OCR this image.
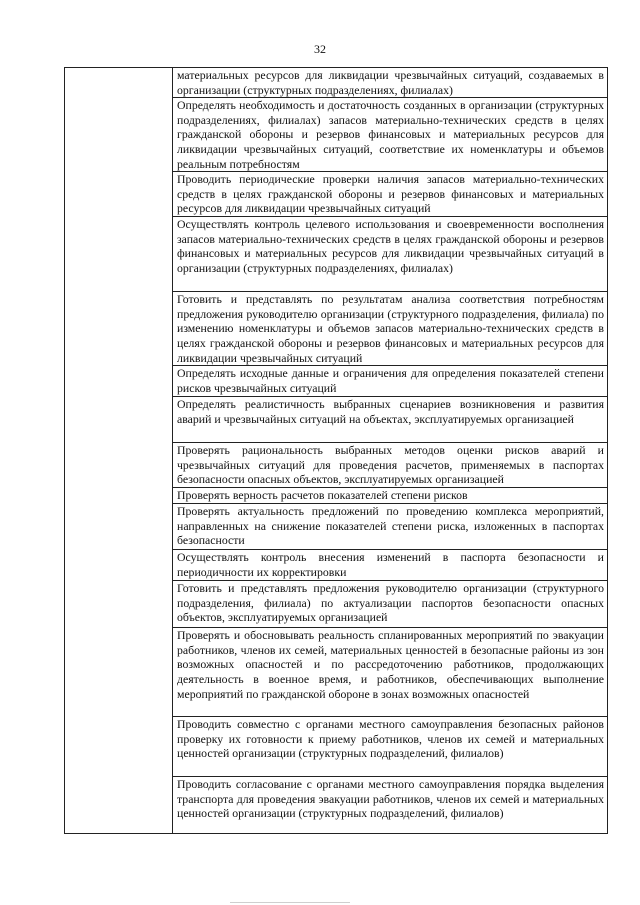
32

материальных ресурсов для ликвидации чрезвычайных ситуаций, создаваемых в организации (структурных подразделениях, филиалах)

Определять необходимость и достаточность созданных в организации (структурных подразделениях, филиалах) запасов материально-технических средств в целях гражданской обороны и резервов финансовых и материальных ресурсов для ликвидации чрезвычайных ситуаций, соответствие их номенклатуры и объемов реальным потребностям

Проводить периодические проверки наличия запасов материально-технических средств в целях гражданской обороны и резервов финансовых и материальных ресурсов для ликвидации чрезвычайных ситуаций

Осуществлять контроль целевого использования и своевременности восполнения запасов материально-технических средств в целях гражданской обороны и резервов финансовых и материальных ресурсов для ликвидации чрезвычайных ситуаций в организации (структурных подразделениях, филиалах)

Готовить и представлять по результатам анализа соответствия потребностям предложения руководителю организации (структурного подразделения, филиала) по изменению номенклатуры и объемов запасов материально-технических средств в целях гражданской обороны и резервов финансовых и материальных ресурсов для ликвидации чрезвычайных ситуаций

Определять исходные данные и ограничения для определения показателей степени рисков чрезвычайных ситуаций

Определять реалистичность выбранных сценариев возникновения и развития аварий и чрезвычайных ситуаций на объектах, эксплуатируемых организацией

Проверять рациональность выбранных методов оценки рисков аварий и чрезвычайных ситуаций для проведения расчетов, применяемых в паспортах безопасности опасных объектов, эксплуатируемых организацией

Проверять верность расчетов показателей степени рисков

Проверять актуальность предложений по проведению комплекса мероприятий, направленных на снижение показателей степени риска, изложенных в паспортах безопасности

Осуществлять контроль внесения изменений в паспорта безопасности и периодичности их корректировки

Готовить и представлять предложения руководителю организации (структурного подразделения, филиала) по актуализации паспортов безопасности опасных объектов, эксплуатируемых организацией

Проверять и обосновывать реальность спланированных мероприятий по эвакуации работников, членов их семей, материальных ценностей в безопасные районы из зон возможных опасностей и по рассредоточению работников, продолжающих деятельность в военное время, и работников, обеспечивающих выполнение мероприятий по гражданской обороне в зонах возможных опасностей

Проводить совместно с органами местного самоуправления безопасных районов проверку их готовности к приему работников, членов их семей и материальных ценностей организации (структурных подразделений, филиалов)

Проводить согласование с органами местного самоуправления порядка выделения транспорта для проведения эвакуации работников, членов их семей и материальных ценностей организации (структурных подразделений, филиалов)
